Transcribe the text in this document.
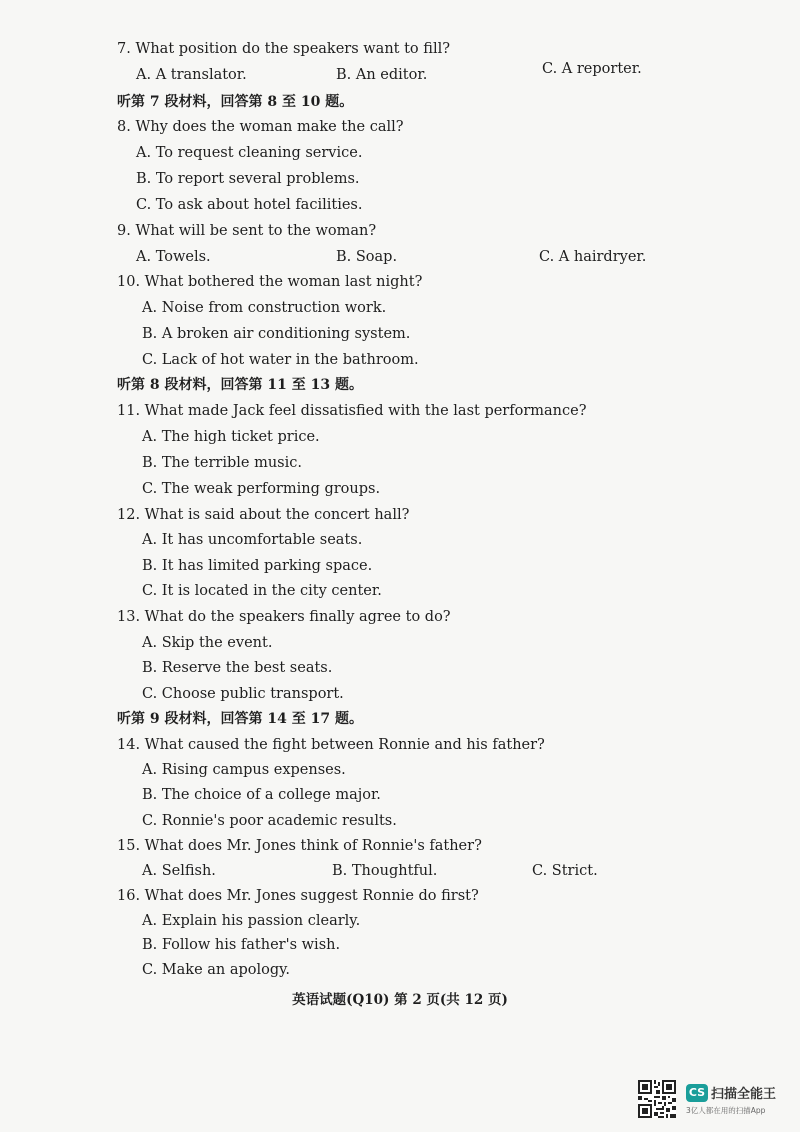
7. What position do the speakers want to fill?
A. A translator.	B. An editor.	C. A reporter.
听第 7 段材料，回答第 8 至 10 题。
8. Why does the woman make the call?
A. To request cleaning service.
B. To report several problems.
C. To ask about hotel facilities.
9. What will be sent to the woman?
A. Towels.	B. Soap.	C. A hairdryer.
10. What bothered the woman last night?
A. Noise from construction work.
B. A broken air conditioning system.
C. Lack of hot water in the bathroom.
听第 8 段材料，回答第 11 至 13 题。
11. What made Jack feel dissatisfied with the last performance?
A. The high ticket price.
B. The terrible music.
C. The weak performing groups.
12. What is said about the concert hall?
A. It has uncomfortable seats.
B. It has limited parking space.
C. It is located in the city center.
13. What do the speakers finally agree to do?
A. Skip the event.
B. Reserve the best seats.
C. Choose public transport.
听第 9 段材料，回答第 14 至 17 题。
14. What caused the fight between Ronnie and his father?
A. Rising campus expenses.
B. The choice of a college major.
C. Ronnie's poor academic results.
15. What does Mr. Jones think of Ronnie's father?
A. Selfish.	B. Thoughtful.	C. Strict.
16. What does Mr. Jones suggest Ronnie do first?
A. Explain his passion clearly.
B. Follow his father's wish.
C. Make an apology.
英语试题(Q10) 第 2 页(共 12 页)
CS 扫描全能王
3亿人都在用的扫描App
